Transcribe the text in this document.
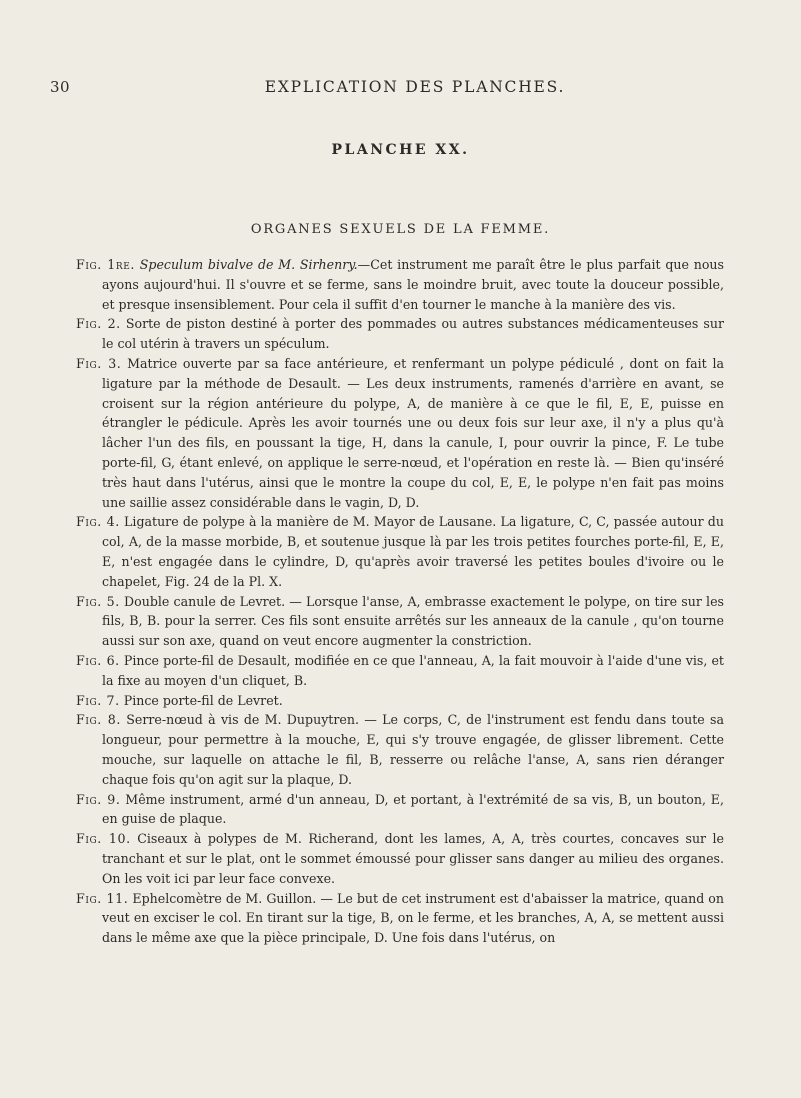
30	EXPLICATION DES PLANCHES.
PLANCHE XX.
ORGANES SEXUELS DE LA FEMME.

Fig. 1re. Speculum bivalve de M. Sirhenry.—Cet instrument me paraît être le plus parfait que nous ayons aujourd'hui. Il s'ouvre et se ferme, sans le moindre bruit, avec toute la douceur possible, et presque insensiblement. Pour cela il suffit d'en tourner le manche à la manière des vis.

Fig. 2. Sorte de piston destiné à porter des pommades ou autres substances médicamenteuses sur le col utérin à travers un spéculum.

Fig. 3. Matrice ouverte par sa face antérieure, et renfermant un polype pédiculé , dont on fait la ligature par la méthode de Desault. — Les deux instruments, ramenés d'arrière en avant, se croisent sur la région antérieure du polype, A, de manière à ce que le fil, E, E, puisse en étrangler le pédicule. Après les avoir tournés une ou deux fois sur leur axe, il n'y a plus qu'à lâcher l'un des fils, en poussant la tige, H, dans la canule, I, pour ouvrir la pince, F. Le tube porte-fil, G, étant enlevé, on applique le serre-nœud, et l'opération en reste là. — Bien qu'inséré très haut dans l'utérus, ainsi que le montre la coupe du col, E, E, le polype n'en fait pas moins une saillie assez considérable dans le vagin, D, D.

Fig. 4. Ligature de polype à la manière de M. Mayor de Lausane. La ligature, C, C, passée autour du col, A, de la masse morbide, B, et soutenue jusque là par les trois petites fourches porte-fil, E, E, E, n'est engagée dans le cylindre, D, qu'après avoir traversé les petites boules d'ivoire ou le chapelet, Fig. 24 de la Pl. X.

Fig. 5. Double canule de Levret. — Lorsque l'anse, A, embrasse exactement le polype, on tire sur les fils, B, B. pour la serrer. Ces fils sont ensuite arrêtés sur les anneaux de la canule , qu'on tourne aussi sur son axe, quand on veut encore augmenter la constriction.

Fig. 6. Pince porte-fil de Desault, modifiée en ce que l'anneau, A, la fait mouvoir à l'aide d'une vis, et la fixe au moyen d'un cliquet, B.

Fig. 7. Pince porte-fil de Levret.

Fig. 8. Serre-nœud à vis de M. Dupuytren. — Le corps, C, de l'instrument est fendu dans toute sa longueur, pour permettre à la mouche, E, qui s'y trouve engagée, de glisser librement. Cette mouche, sur laquelle on attache le fil, B, resserre ou relâche l'anse, A, sans rien déranger chaque fois qu'on agit sur la plaque, D.

Fig. 9. Même instrument, armé d'un anneau, D, et portant, à l'extrémité de sa vis, B, un bouton, E, en guise de plaque.

Fig. 10. Ciseaux à polypes de M. Richerand, dont les lames, A, A, très courtes, concaves sur le tranchant et sur le plat, ont le sommet émoussé pour glisser sans danger au milieu des organes. On les voit ici par leur face convexe.

Fig. 11. Ephelcomètre de M. Guillon. — Le but de cet instrument est d'abaisser la matrice, quand on veut en exciser le col. En tirant sur la tige, B, on le ferme, et les branches, A, A, se mettent aussi dans le même axe que la pièce principale, D. Une fois dans l'utérus, on
